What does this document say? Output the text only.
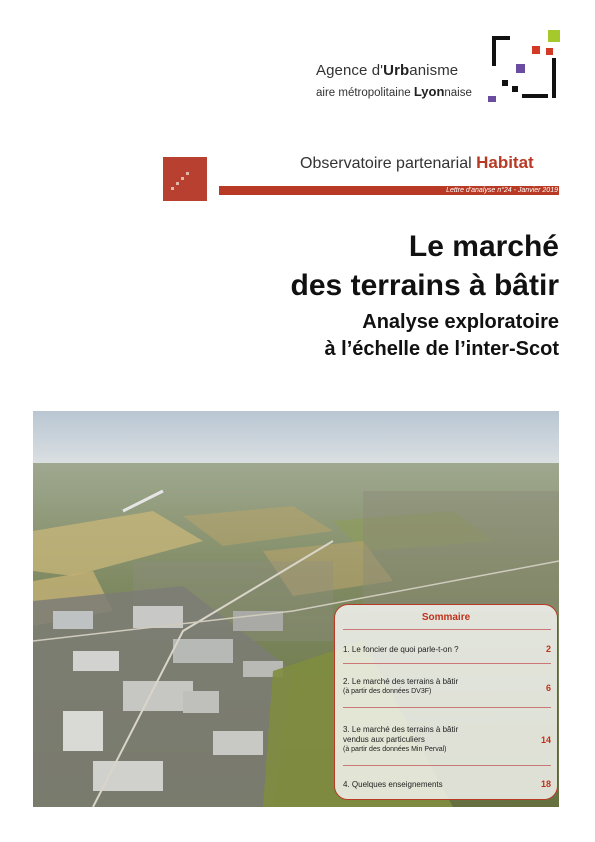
Agence d'Urbanisme
aire métropolitaine Lyonnaise
Observatoire partenarial Habitat
Lettre d'analyse n°24 - Janvier 2019
Le marché
des terrains à bâtir
Analyse exploratoire
à l’échelle de l’inter-Scot
Sommaire
1. Le foncier de quoi parle-t-on ?	2
2. Le marché des terrains à bâtir
(à partir des données DV3F)	6
3. Le marché des terrains à bâtir
vendus aux particuliers
(à partir des données Min Perval)
14
4. Quelques enseignements	18
